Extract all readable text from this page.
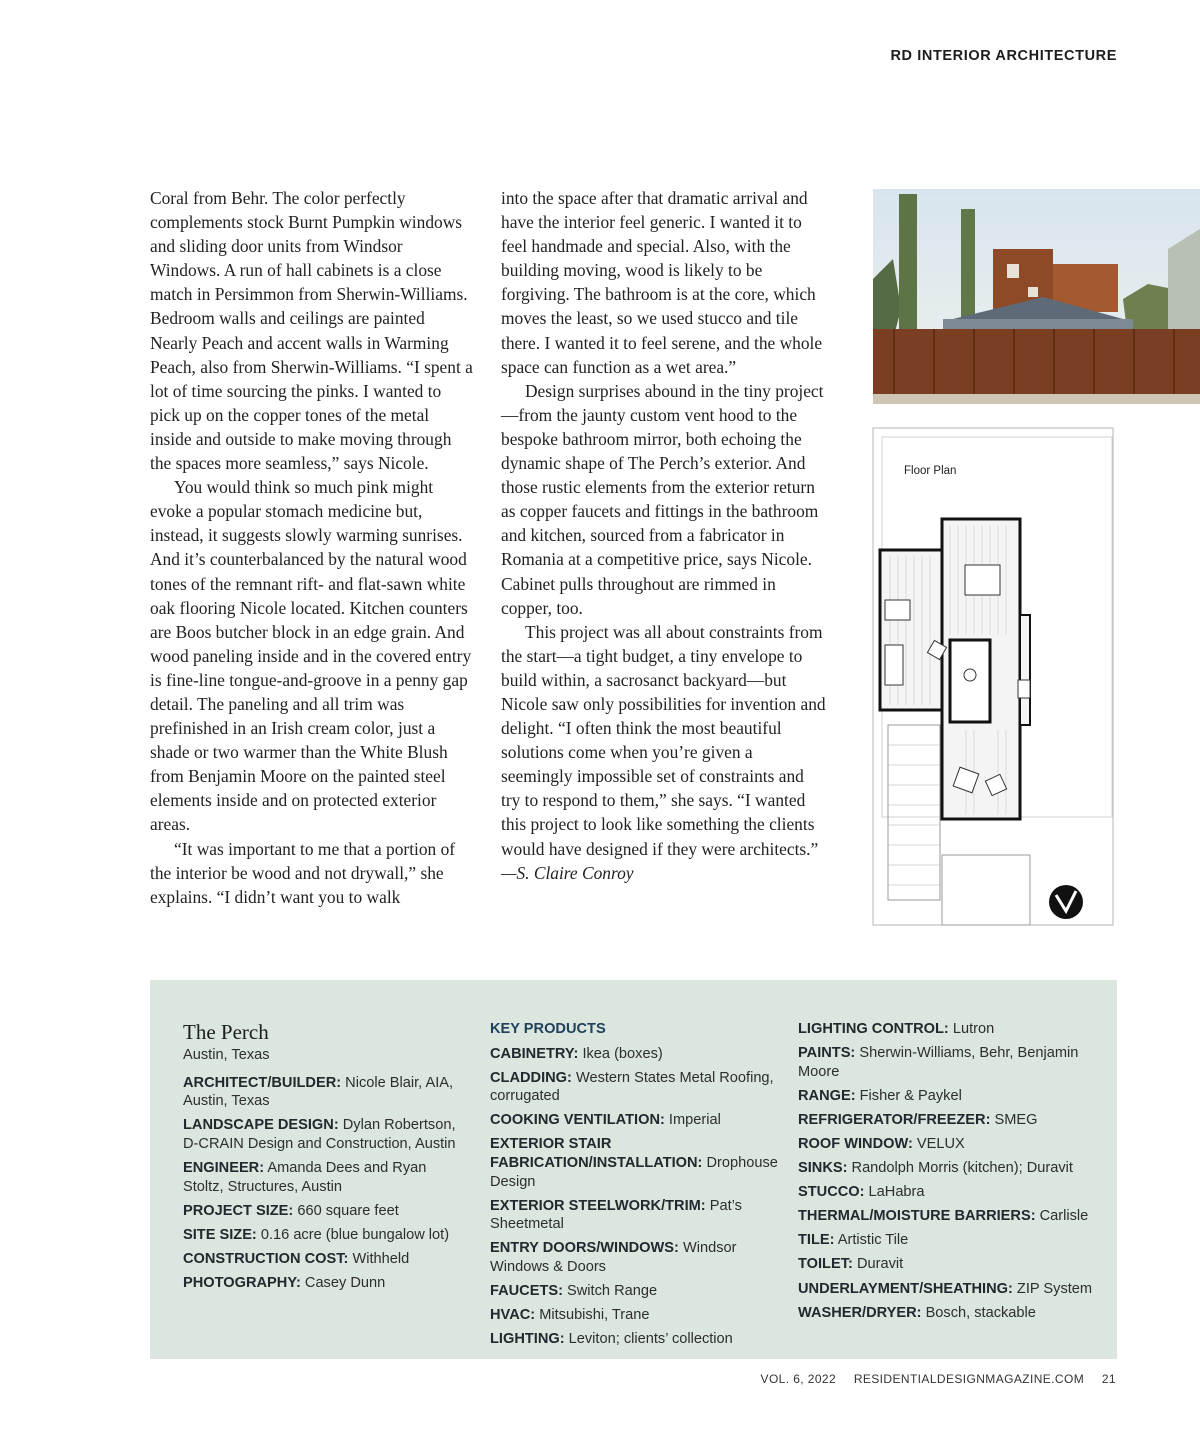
RD INTERIOR ARCHITECTURE

Coral from Behr. The color perfectly complements stock Burnt Pumpkin windows and sliding door units from Windsor Windows. A run of hall cabinets is a close match in Persimmon from Sherwin-Williams. Bedroom walls and ceilings are painted Nearly Peach and accent walls in Warming Peach, also from Sherwin-Williams. “I spent a lot of time sourcing the pinks. I wanted to pick up on the copper tones of the metal inside and outside to make moving through the spaces more seamless,” says Nicole.

You would think so much pink might evoke a popular stomach medicine but, instead, it suggests slowly warming sunrises. And it’s counterbalanced by the natural wood tones of the remnant rift- and flat-sawn white oak flooring Nicole located. Kitchen counters are Boos butcher block in an edge grain. And wood paneling inside and in the covered entry is fine-line tongue-and-groove in a penny gap detail. The paneling and all trim was prefinished in an Irish cream color, just a shade or two warmer than the White Blush from Benjamin Moore on the painted steel elements inside and on protected exterior areas.

“It was important to me that a portion of the interior be wood and not drywall,” she explains. “I didn’t want you to walk

into the space after that dramatic arrival and have the interior feel generic. I wanted it to feel handmade and special. Also, with the building moving, wood is likely to be forgiving. The bathroom is at the core, which moves the least, so we used stucco and tile there. I wanted it to feel serene, and the whole space can function as a wet area.”

Design surprises abound in the tiny project—from the jaunty custom vent hood to the bespoke bathroom mirror, both echoing the dynamic shape of The Perch’s exterior. And those rustic elements from the exterior return as copper faucets and fittings in the bathroom and kitchen, sourced from a fabricator in Romania at a competitive price, says Nicole. Cabinet pulls throughout are rimmed in copper, too.

This project was all about constraints from the start—a tight budget, a tiny envelope to build within, a sacrosanct backyard—but Nicole saw only possibilities for invention and delight. “I often think the most beautiful solutions come when you’re given a seemingly impossible set of constraints and try to respond to them,” she says. “I wanted this project to look like something the clients would have designed if they were architects.”

—S. Claire Conroy

Floor Plan
The Perch
Austin, Texas
ARCHITECT/BUILDER: Nicole Blair, AIA, Austin, Texas
LANDSCAPE DESIGN: Dylan Robertson, D-CRAIN Design and Construction, Austin
ENGINEER: Amanda Dees and Ryan Stoltz, Structures, Austin
PROJECT SIZE: 660 square feet
SITE SIZE: 0.16 acre (blue bungalow lot)
CONSTRUCTION COST: Withheld
PHOTOGRAPHY: Casey Dunn
KEY PRODUCTS
CABINETRY: Ikea (boxes)
CLADDING: Western States Metal Roofing, corrugated
COOKING VENTILATION: Imperial
EXTERIOR STAIR FABRICATION/INSTALLATION: Drophouse Design
EXTERIOR STEELWORK/TRIM: Pat’s Sheetmetal
ENTRY DOORS/WINDOWS: Windsor Windows & Doors
FAUCETS: Switch Range
HVAC: Mitsubishi, Trane
LIGHTING: Leviton; clients’ collection
LIGHTING CONTROL: Lutron
PAINTS: Sherwin-Williams, Behr, Benjamin Moore
RANGE: Fisher & Paykel
REFRIGERATOR/FREEZER: SMEG
ROOF WINDOW: VELUX
SINKS: Randolph Morris (kitchen); Duravit
STUCCO: LaHabra
THERMAL/MOISTURE BARRIERS: Carlisle
TILE: Artistic Tile
TOILET: Duravit
UNDERLAYMENT/SHEATHING: ZIP System
WASHER/DRYER: Bosch, stackable
VOL. 6, 2022 RESIDENTIALDESIGNMAGAZINE.COM 21
